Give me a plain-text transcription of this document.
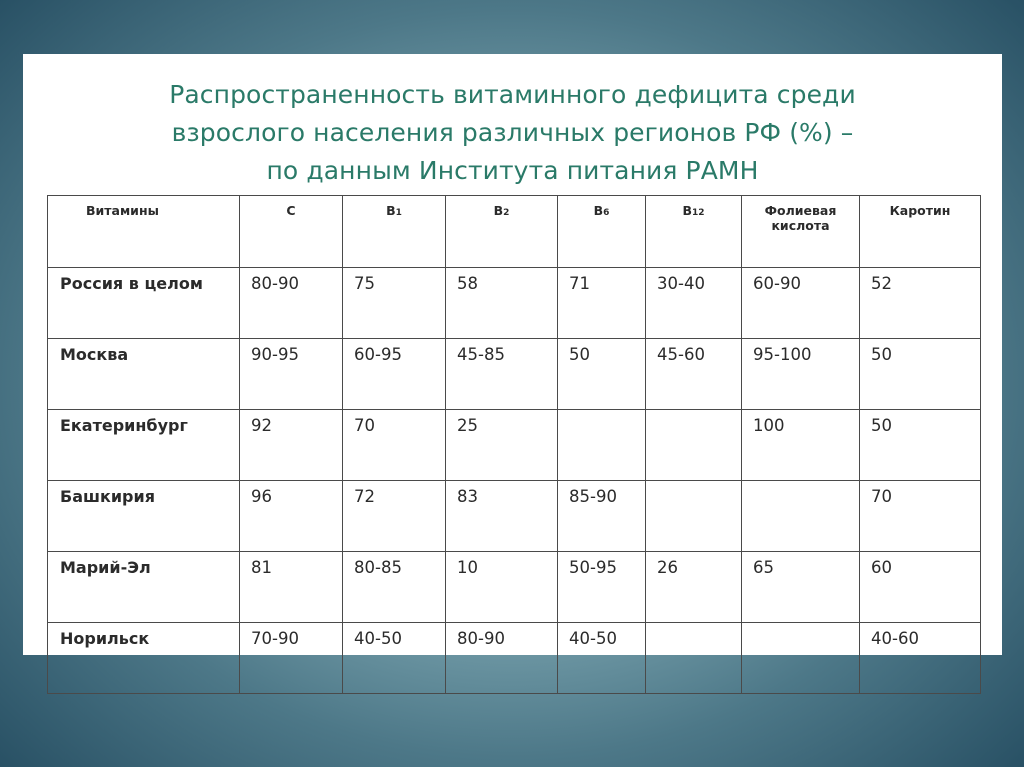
Распространенность витаминного дефицита среди
взрослого населения различных регионов РФ (%) –
по данным Института питания РАМН
Витамины	C	B1	B2	B6	B12	Фолиевая кислота	Каротин
Россия в целом	80-90	75	58	71	30-40	60-90	52
Москва	90-95	60-95	45-85	50	45-60	95-100	50
Екатеринбург	92	70	25			100	50
Башкирия	96	72	83	85-90			70
Марий-Эл	81	80-85	10	50-95	26	65	60
Норильск	70-90	40-50	80-90	40-50			40-60
